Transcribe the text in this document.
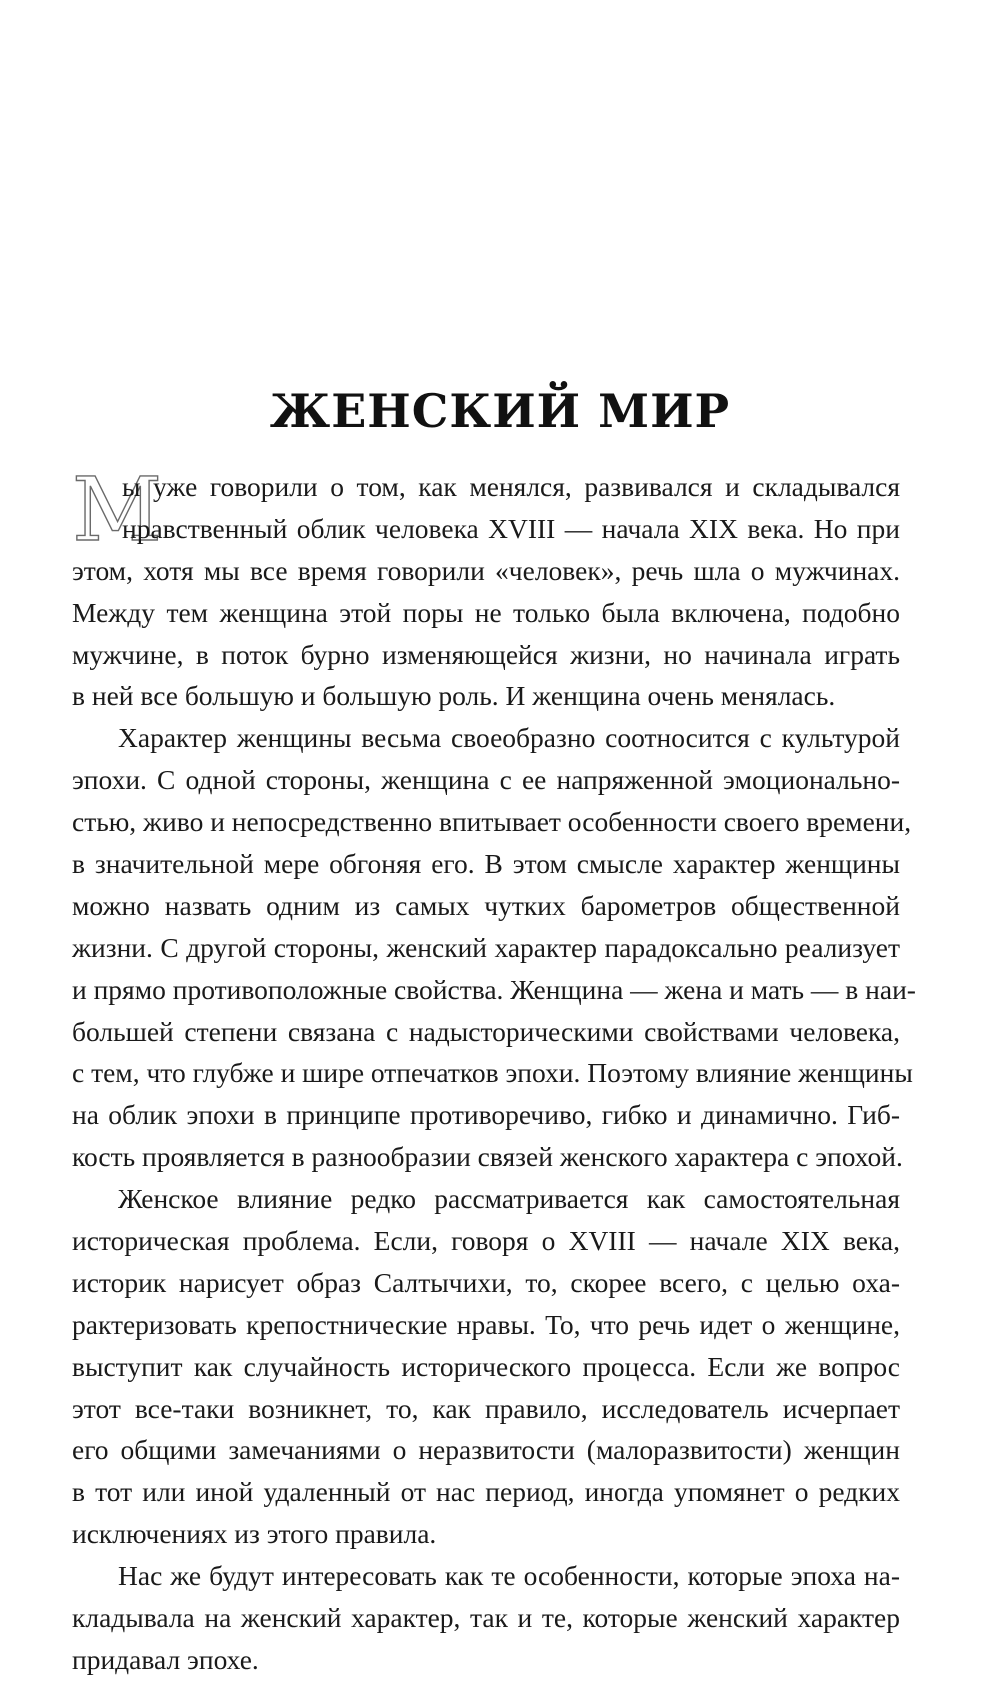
ЖЕНСКИЙ МИР
М
ы уже говорили о том, как менялся, развивался и складывался
нравственный облик человека XVIII — начала XIX века. Но при
этом, хотя мы все время говорили «человек», речь шла о мужчинах.
Между тем женщина этой поры не только была включена, подобно
мужчине, в поток бурно изменяющейся жизни, но начинала играть
в ней все большую и большую роль. И женщина очень менялась.
Характер женщины весьма своеобразно соотносится с культурой
эпохи. С одной стороны, женщина с ее напряженной эмоционально-
стью, живо и непосредственно впитывает особенности своего времени,
в значительной мере обгоняя его. В этом смысле характер женщины
можно назвать одним из самых чутких барометров общественной
жизни. С другой стороны, женский характер парадоксально реализует
и прямо противоположные свойства. Женщина — жена и мать — в наи-
большей степени связана с надысторическими свойствами человека,
с тем, что глубже и шире отпечатков эпохи. Поэтому влияние женщины
на облик эпохи в принципе противоречиво, гибко и динамично. Гиб-
кость проявляется в разнообразии связей женского характера с эпохой.
Женское влияние редко рассматривается как самостоятельная
историческая проблема. Если, говоря о XVIII — начале XIX века,
историк нарисует образ Салтычихи, то, скорее всего, с целью оха-
рактеризовать крепостнические нравы. То, что речь идет о женщине,
выступит как случайность исторического процесса. Если же вопрос
этот все-таки возникнет, то, как правило, исследователь исчерпает
его общими замечаниями о неразвитости (малоразвитости) женщин
в тот или иной удаленный от нас период, иногда упомянет о редких
исключениях из этого правила.
Нас же будут интересовать как те особенности, которые эпоха на-
кладывала на женский характер, так и те, которые женский характер
придавал эпохе.
